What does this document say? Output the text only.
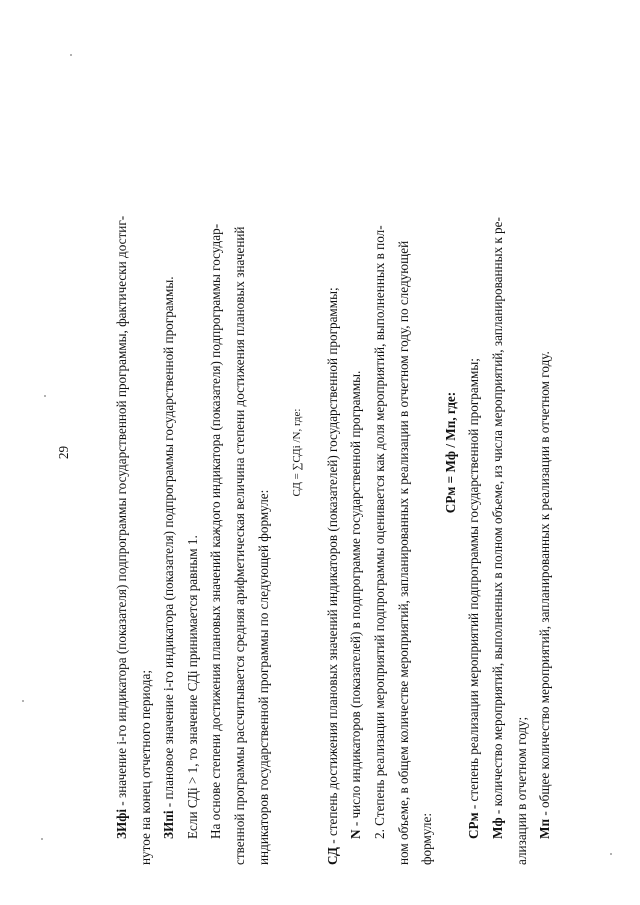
29

ЗИфi - значение i-го индикатора (показателя) подпрограммы государственной программы, фактически достиг- нутое на конец отчетного периода; ЗИпi - плановое значение i-го индикатора (показателя) подпрограммы государственной программы. Если СДi > 1, то значение СДi принимается равным 1. На основе степени достижения плановых значений каждого индикатора (показателя) подпрограммы государ- ственной программы рассчитывается средняя арифметическая величина степени достижения плановых значений индикаторов государственной программы по следующей формуле:

СД = ∑СДi /N, где:

СД - степень достижения плановых значений индикаторов (показателей) государственной программы; N - число индикаторов (показателей) в подпрограмме государственной программы. 2. Степень реализации мероприятий подпрограммы оценивается как доля мероприятий, выполненных в пол- ном объеме, в общем количестве мероприятий, запланированных к реализации в отчетном году, по следующей формуле:

СРм = Мф / Мп, где:

СРм - степень реализации мероприятий подпрограммы государственной программы;

Мф - количество мероприятий, выполненных в полном объеме, из числа мероприятий, запланированных к ре- ализации в отчетном году; Мп - общее количество мероприятий, запланированных к реализации в отчетном году.
